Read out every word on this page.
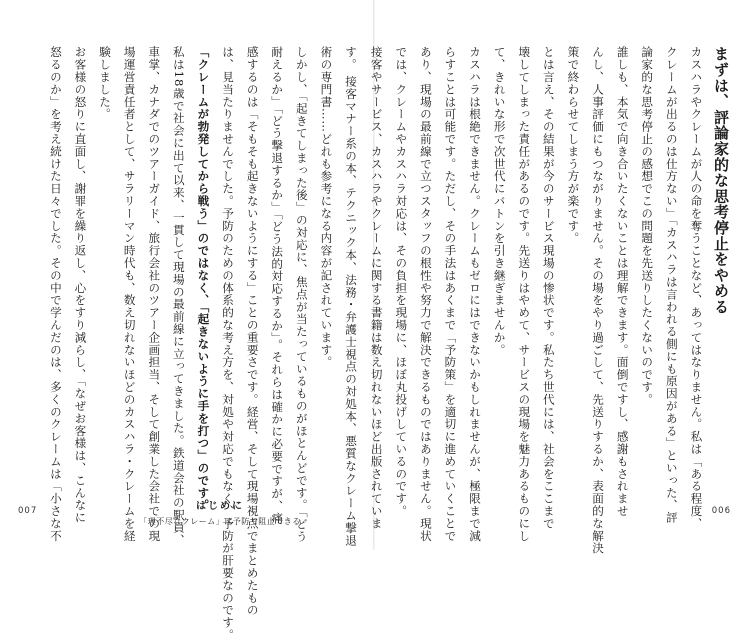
す。 接客マナー系の本、テクニック本、法務・弁護士視点の対処本、悪質なクレーム撃退
術の専門書……どれも参考になる内容が記されています。
しかし、「起きてしまった後」の対応に、焦点が当たっているものがほとんどです。「どう
耐えるか」「どう撃退するか」「どう法的対応するか」。それらは確かに必要ですが、痛
感するのは「そもそも起きないようにする」ことの重要さです。経営、そして現場視点でまとめたもの
は、見当たりませんでした。予防のための体系的な考え方を、対処や対応でもなく、予防が肝要なのです。
「クレームが勃発してから戦う」のではなく、「起きないように手を打つ」のです。
私は18歳で社会に出て以来、一貫して現場の最前線に立ってきました。鉄道会社の駅員、
車掌、カナダでのツアーガイド、旅行会社のツアー企画担当、そして創業した会社での現
場運営責任者として、サラリーマン時代も、数え切れないほどのカスハラ・クレームを経
験しました。
お客様の怒りに直面し、謝罪を繰り返し、心をすり減らし、「なぜお客様は、こんなに
怒るのか」を考え続けた日々でした。その中で学んだのは、多くのクレームは「小さな不
007	はじめに
「理不尽なクレーム」は予防で阻止できる
まずは、評論家的な思考停止をやめる
カスハラやクレームが人の命を奪うことなど、あってはなりません。私は「ある程度、
クレームが出るのは仕方ない」「カスハラは言われる側にも原因がある」といった、評
論家的な思考停止の感想でこの問題を先送りしたくないのです。
誰しも、本気で向き合いたくないことは理解できます。面倒ですし、感謝もされませ
んし、人事評価にもつながりません。その場をやり過ごして、先送りするか、表面的な解決
策で終わらせてしまう方が楽です。
とは言え、その結果が今のサービス現場の惨状です。私たち世代には、社会をここまで
壊してしまった責任があるのです。先送りはやめて、サービスの現場を魅力あるものにし
て、きれいな形で次世代にバトンを引き継ぎませんか。
カスハラは根絶できません。クレームもゼロにはできないかもしれませんが、極限まで減
らすことは可能です。ただし、その手法はあくまで「予防策」を適切に進めていくことで
あり、現場の最前線で立つスタッフの根性や努力で解決できるものではありません。現状
では、クレームやカスハラ対応は、その負担を現場に、ほぼ丸投げしているのです。
接客やサービス、カスハラやクレームに関する書籍は数え切れないほど出版されていま	006
